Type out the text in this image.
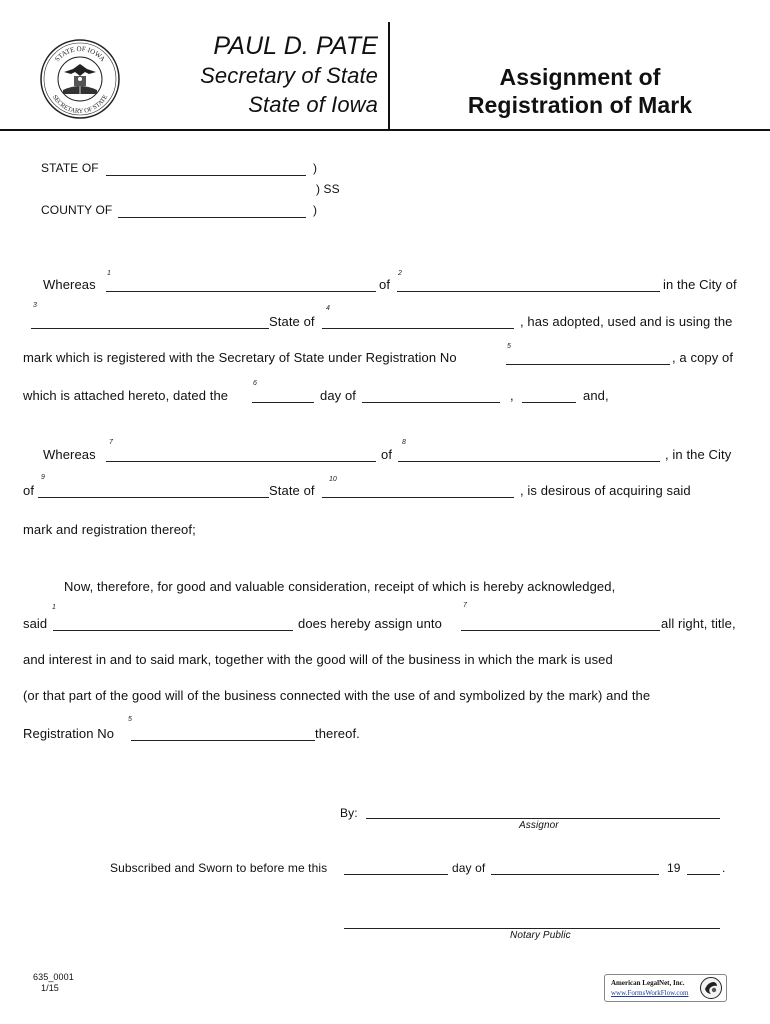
STATE OF IOWA
SECRETARY OF STATE
PAUL D. PATE
Secretary of State
State of Iowa
Assignment of
Registration of Mark
STATE OF	)
) SS
COUNTY OF	)
Whereas
1
of
2
in the City of
3
State of
4
, has adopted, used and is using the
mark which is registered with the Secretary of State under Registration No
5
, a copy of
which is attached hereto, dated the
6
day of	,	and,
Whereas
7
of
8
, in the City
of
9
State of
10
, is desirous of acquiring said
mark and registration thereof;
Now, therefore, for good and valuable consideration, receipt of which is hereby acknowledged,
1
said	does hereby assign unto
7
all right, title,
and interest in and to said mark, together with the good will of the business in which the mark is used
(or that part of the good will of the business connected with the use of and symbolized by the mark) and the
Registration No
5
thereof.
By:
Assignor
Subscribed and Sworn to before me this	day of	19	.
Notary Public
635_0001
1/15	American LegalNet, Inc.
www.FormsWorkFlow.com
